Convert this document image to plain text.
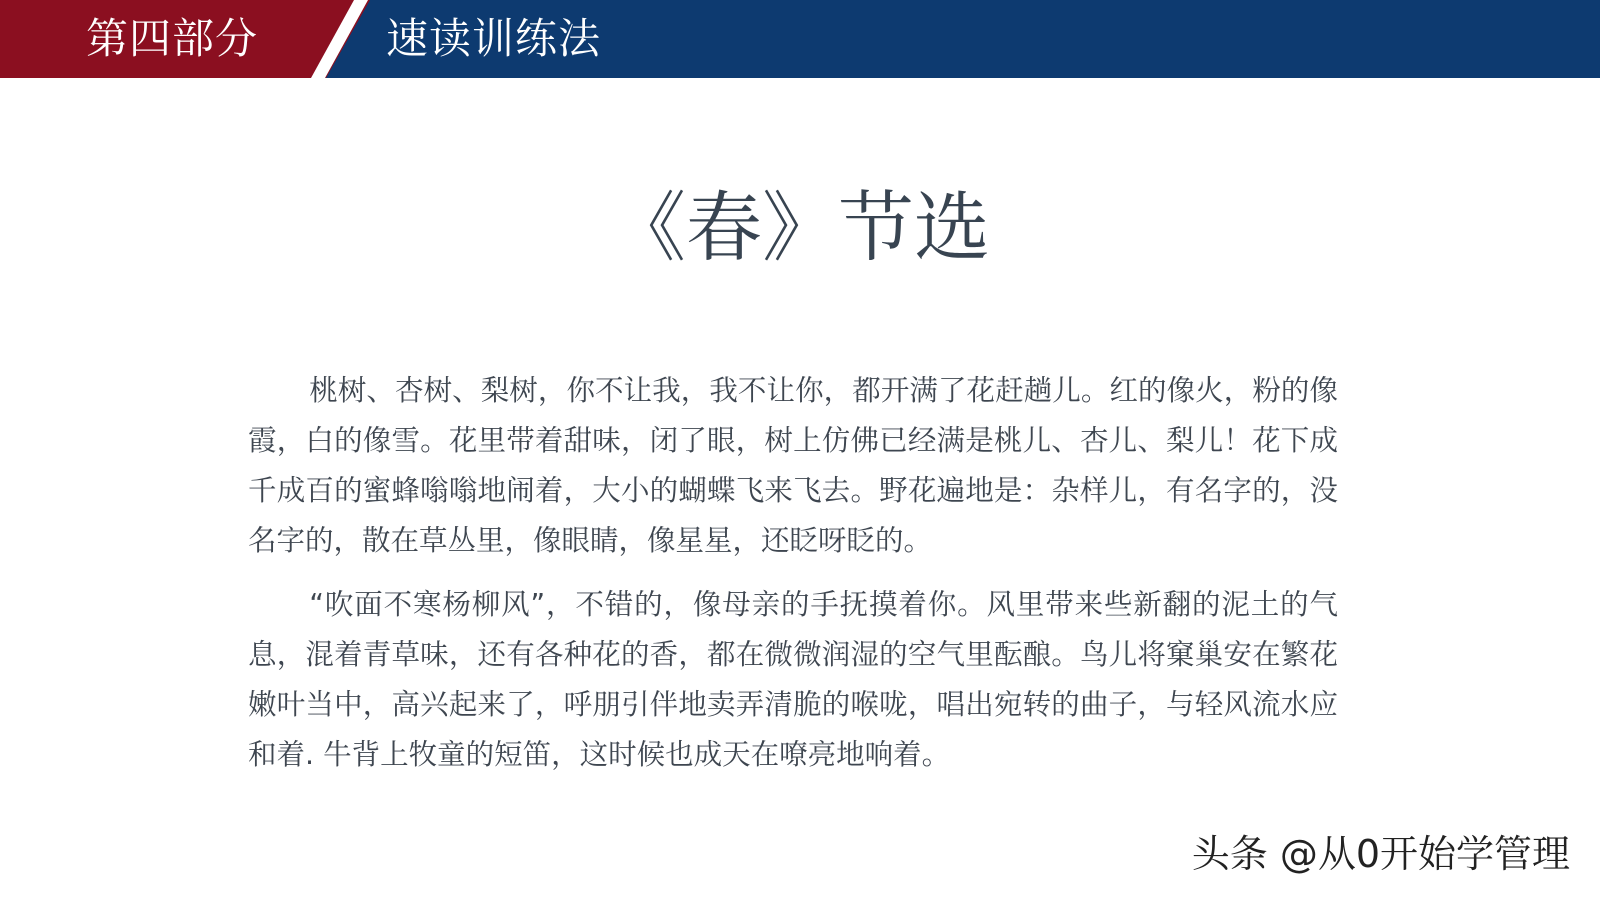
第四部分	速读训练法
《春》节选

桃树、杏树、梨树，你不让我，我不让你，都开满了花赶趟儿。红的像火，粉的像霞，白的像雪。花里带着甜味，闭了眼，树上仿佛已经满是桃儿、杏儿、梨儿！花下成千成百的蜜蜂嗡嗡地闹着，大小的蝴蝶飞来飞去。野花遍地是：杂样儿，有名字的，没名字的，散在草丛里，像眼睛，像星星，还眨呀眨的。

“吹面不寒杨柳风”，不错的，像母亲的手抚摸着你。风里带来些新翻的泥土的气息，混着青草味，还有各种花的香，都在微微润湿的空气里酝酿。鸟儿将窠巢安在繁花嫩叶当中，高兴起来了，呼朋引伴地卖弄清脆的喉咙，唱出宛转的曲子，与轻风流水应和着. 牛背上牧童的短笛，这时候也成天在嘹亮地响着。

头条 @从0开始学管理
